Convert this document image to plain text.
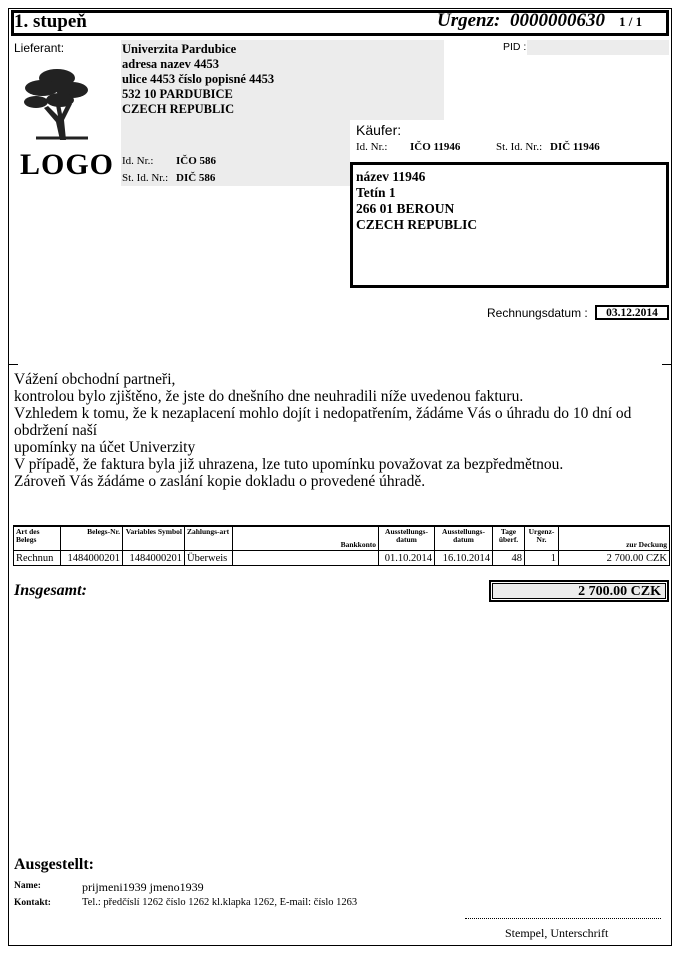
1. stupeň	Urgenz: 0000000630 1 / 1
Lieferant:	Univerzita Pardubice
adresa nazev 4453
ulice 4453 číslo popisné 4453
532 10 PARDUBICE
CZECH REPUBLIC
Id. Nr.: IČO 586
St. Id. Nr.: DIČ 586
PID :
LOGO
Käufer:
Id. Nr.: IČO 11946	St. Id. Nr.: DIČ 11946
název 11946
Tetín 1
266 01 BEROUN
CZECH REPUBLIC
Rechnungsdatum :	03.12.2014
Vážení obchodní partneři,
kontrolou bylo zjištěno, že jste do dnešního dne neuhradili níže uvedenou fakturu.
Vzhledem k tomu, že k nezaplacení mohlo dojít i nedopatřením, žádáme Vás o úhradu do 10 dní od
obdržení naší
upomínky na účet Univerzity
V případě, že faktura byla již uhrazena, lze tuto upomínku považovat za bezpředmětnou.
Zároveň Vás žádáme o zaslání kopie dokladu o provedené úhradě.
Art des Belegs	Belegs-Nr.	Variables Symbol	Zahlungs-art	Bankkonto	Ausstellungs-datum	Ausstellungs-datum	Tage überf.	Urgenz-Nr.	zur Deckung
Rechnun	1484000201	1484000201	Überweis		01.10.2014	16.10.2014	48	1	2 700.00 CZK
Insgesamt:	2 700.00 CZK
Ausgestellt:
Name:	prijmeni1939 jmeno1939
Kontakt:	Tel.: předčíslí 1262 číslo 1262 kl.klapka 1262, E-mail: číslo 1263
Stempel, Unterschrift
